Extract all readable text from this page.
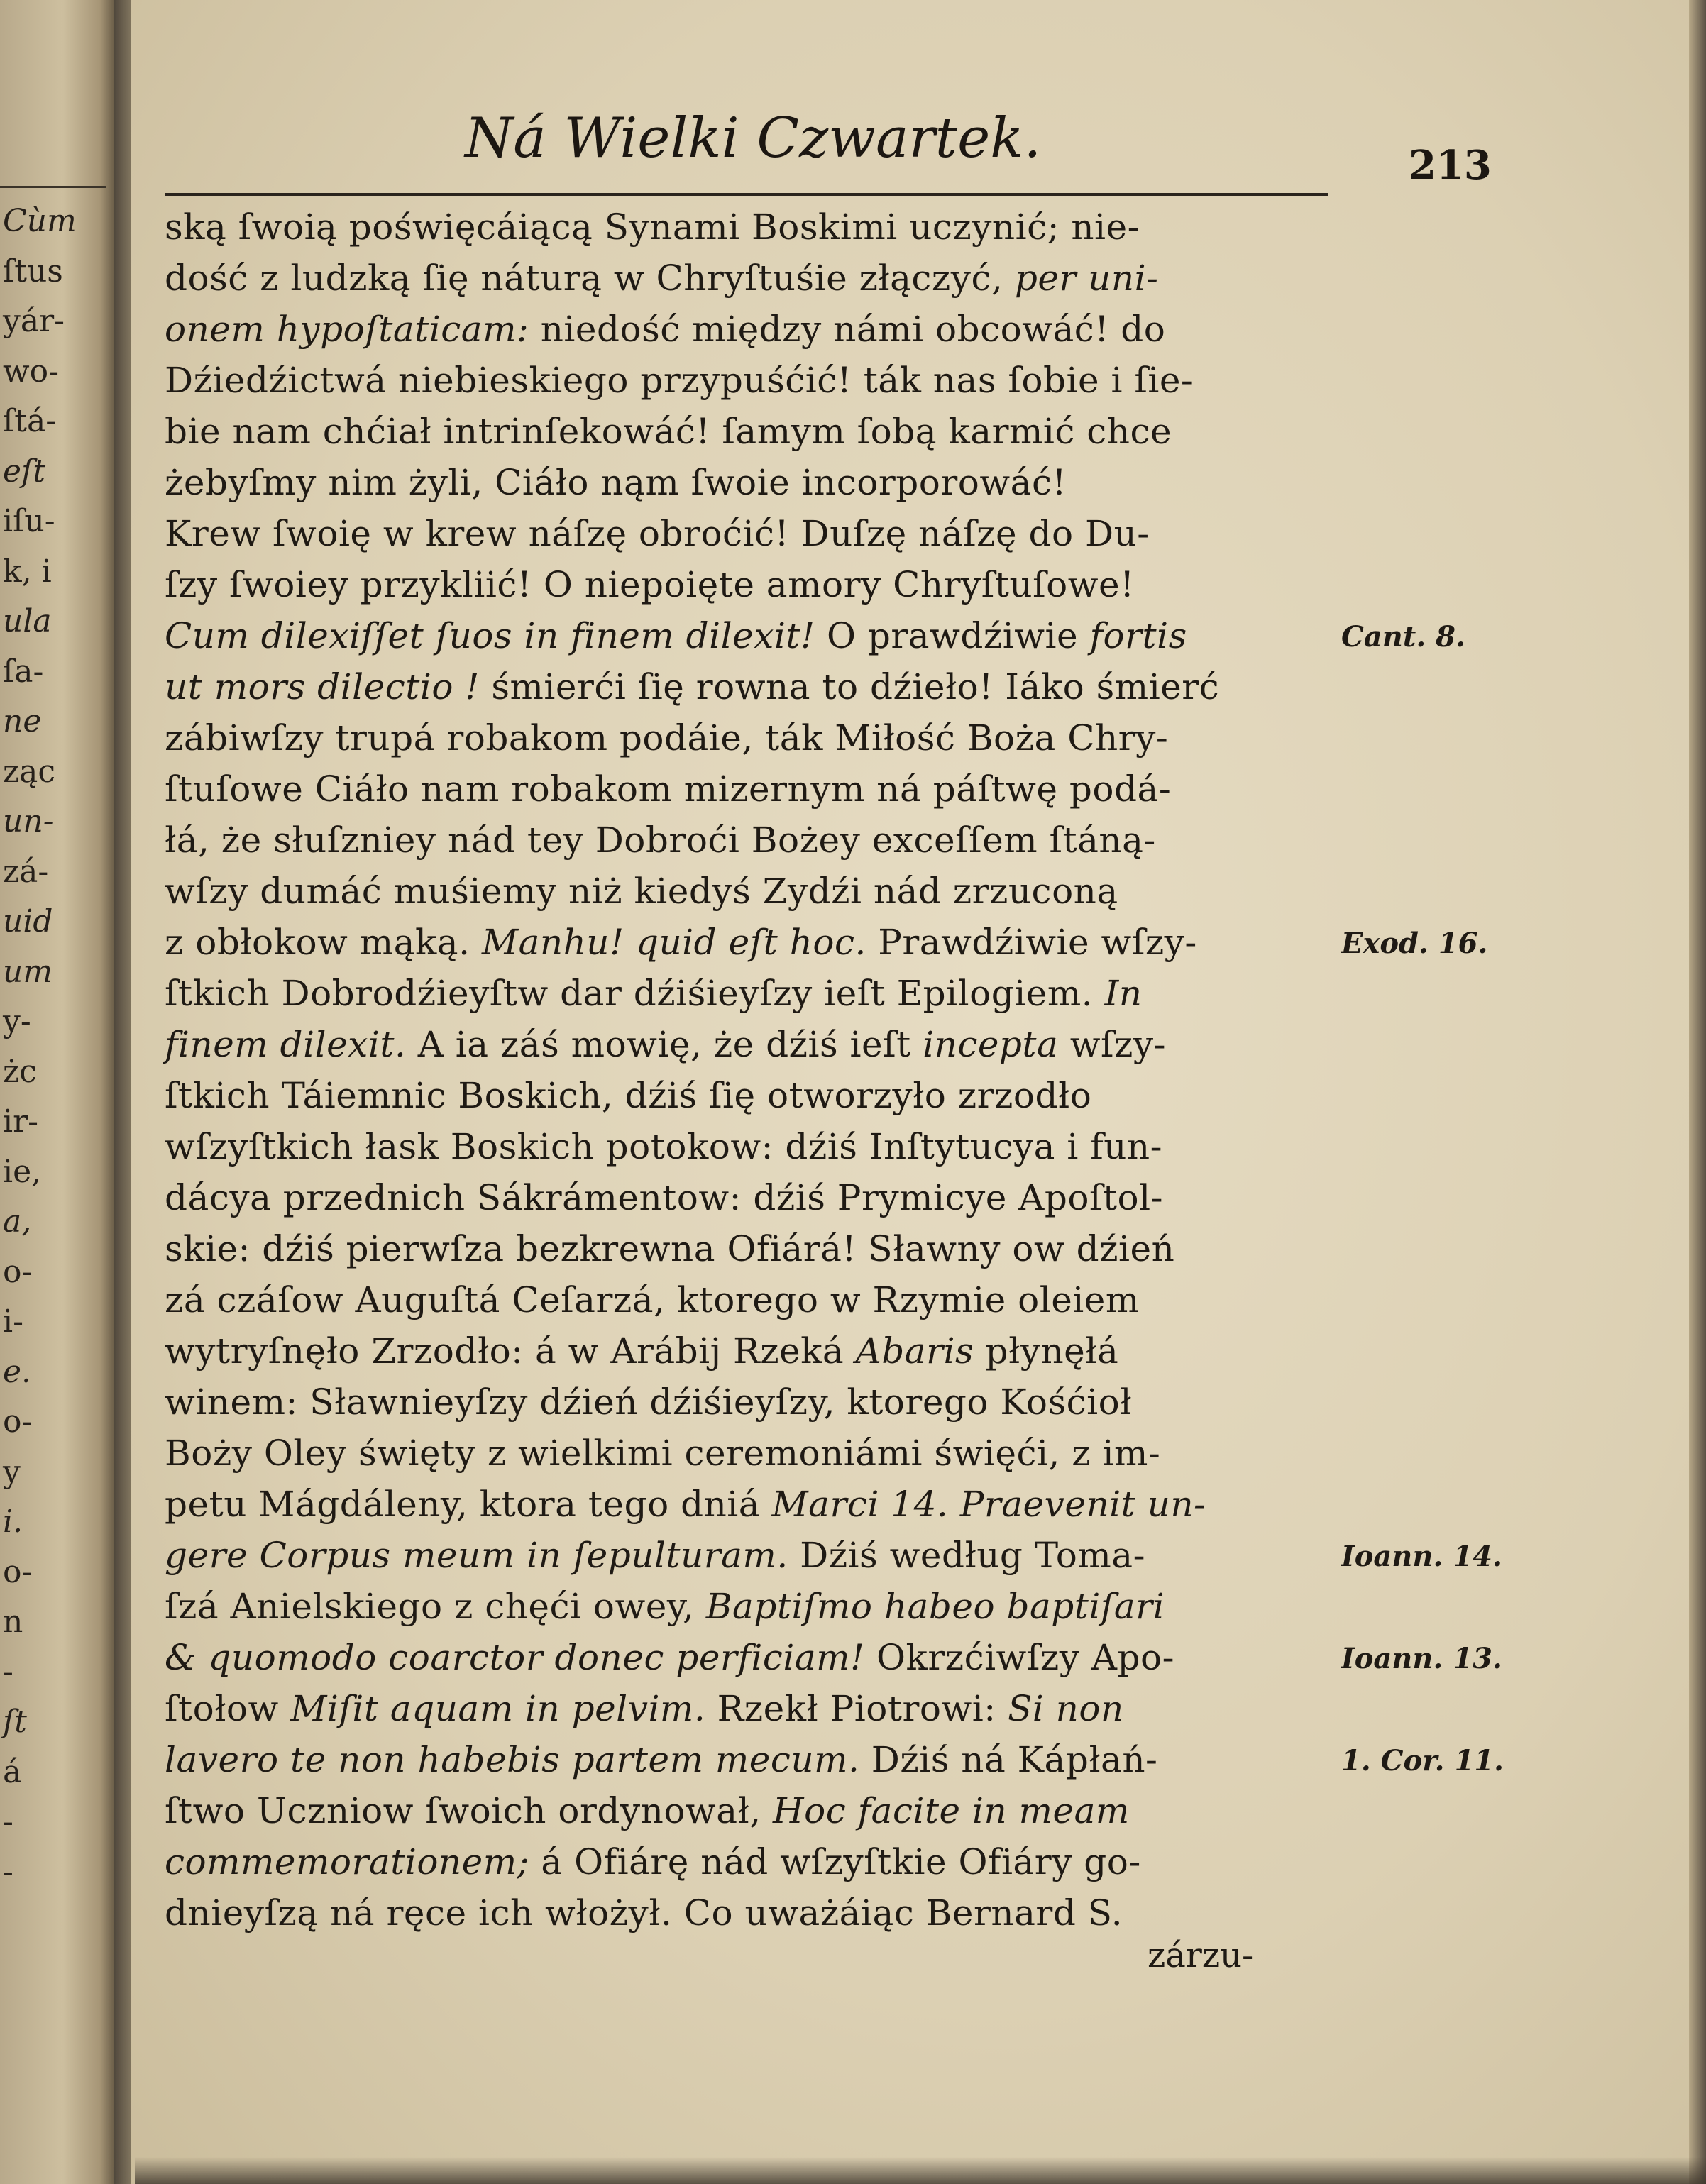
Cùm
ſtus
yár-
wo-
ſtá-
eſt
iſu-
k, i
ula
ſa-
ne
ząc
un-
zá-
uid
um
y-
żc
ir-
ie,
a,
o-
i-
e.
o-
y
i.
o-
n
-
ſt
á
-
-
Ná Wielki Czwartek.	213
ską ſwoią poświęcáiącą Synami Boskimi uczynić; nie-
dość z ludzką ſię náturą w Chryſtuśie złączyć, per uni-
onem hypoſtaticam: niedość między námi obcowáć! do
Dźiedźictwá niebieskiego przypuśćić! ták nas ſobie i ſie-
bie nam chćiał intrinſekowáć! ſamym ſobą karmić chce
żebyſmy nim żyli, Ciáło nąm ſwoie incorporowáć!
Krew ſwoię w krew náſzę obroćić! Duſzę náſzę do Du-
ſzy ſwoiey przykliić! O niepoięte amory Chryſtuſowe!
Cum dilexiſſet ſuos in finem dilexit! O prawdźiwie fortis
ut mors dilectio ! śmierći ſię rowna to dźieło! Iáko śmierć
zábiwſzy trupá robakom podáie, ták Miłość Boża Chry-
ſtuſowe Ciáło nam robakom mizernym ná páſtwę podá-
łá, że słuſzniey nád tey Dobroći Bożey exceſſem ſtáną-
wſzy dumáć muśiemy niż kiedyś Zydźi nád zrzuconą
z obłokow mąką. Manhu! quid eſt hoc. Prawdźiwie wſzy-
ſtkich Dobrodźieyſtw dar dźiśieyſzy ieſt Epilogiem. In
finem dilexit. A ia záś mowię, że dźiś ieſt incepta wſzy-
ſtkich Táiemnic Boskich, dźiś ſię otworzyło zrzodło
wſzyſtkich łask Boskich potokow: dźiś Inſtytucya i fun-
dácya przednich Sákrámentow: dźiś Prymicye Apoſtol-
skie: dźiś pierwſza bezkrewna Ofiárá! Sławny ow dźień
zá czáſow Auguſtá Ceſarzá, ktorego w Rzymie oleiem
wytryſnęło Zrzodło: á w Arábij Rzeká Abaris płynęłá
winem: Sławnieyſzy dźień dźiśieyſzy, ktorego Kośćioł
Boży Oley święty z wielkimi ceremoniámi święći, z im-
petu Mágdáleny, ktora tego dniá Marci 14. Praevenit un-
gere Corpus meum in ſepulturam. Dźiś według Toma-
ſzá Anielskiego z chęći owey, Baptiſmo habeo baptiſari
& quomodo coarctor donec perficiam! Okrzćiwſzy Apo-
ſtołow Miſit aquam in pelvim. Rzekł Piotrowi: Si non
lavero te non habebis partem mecum. Dźiś ná Kápłań-
ſtwo Uczniow ſwoich ordynował, Hoc facite in meam
commemorationem; á Ofiárę nád wſzyſtkie Ofiáry go-
dnieyſzą ná ręce ich włożył. Co uważáiąc Bernard S.
zárzu-
Cant. 8.
Exod. 16.
Ioann. 14.
Ioann. 13.
1. Cor. 11.
